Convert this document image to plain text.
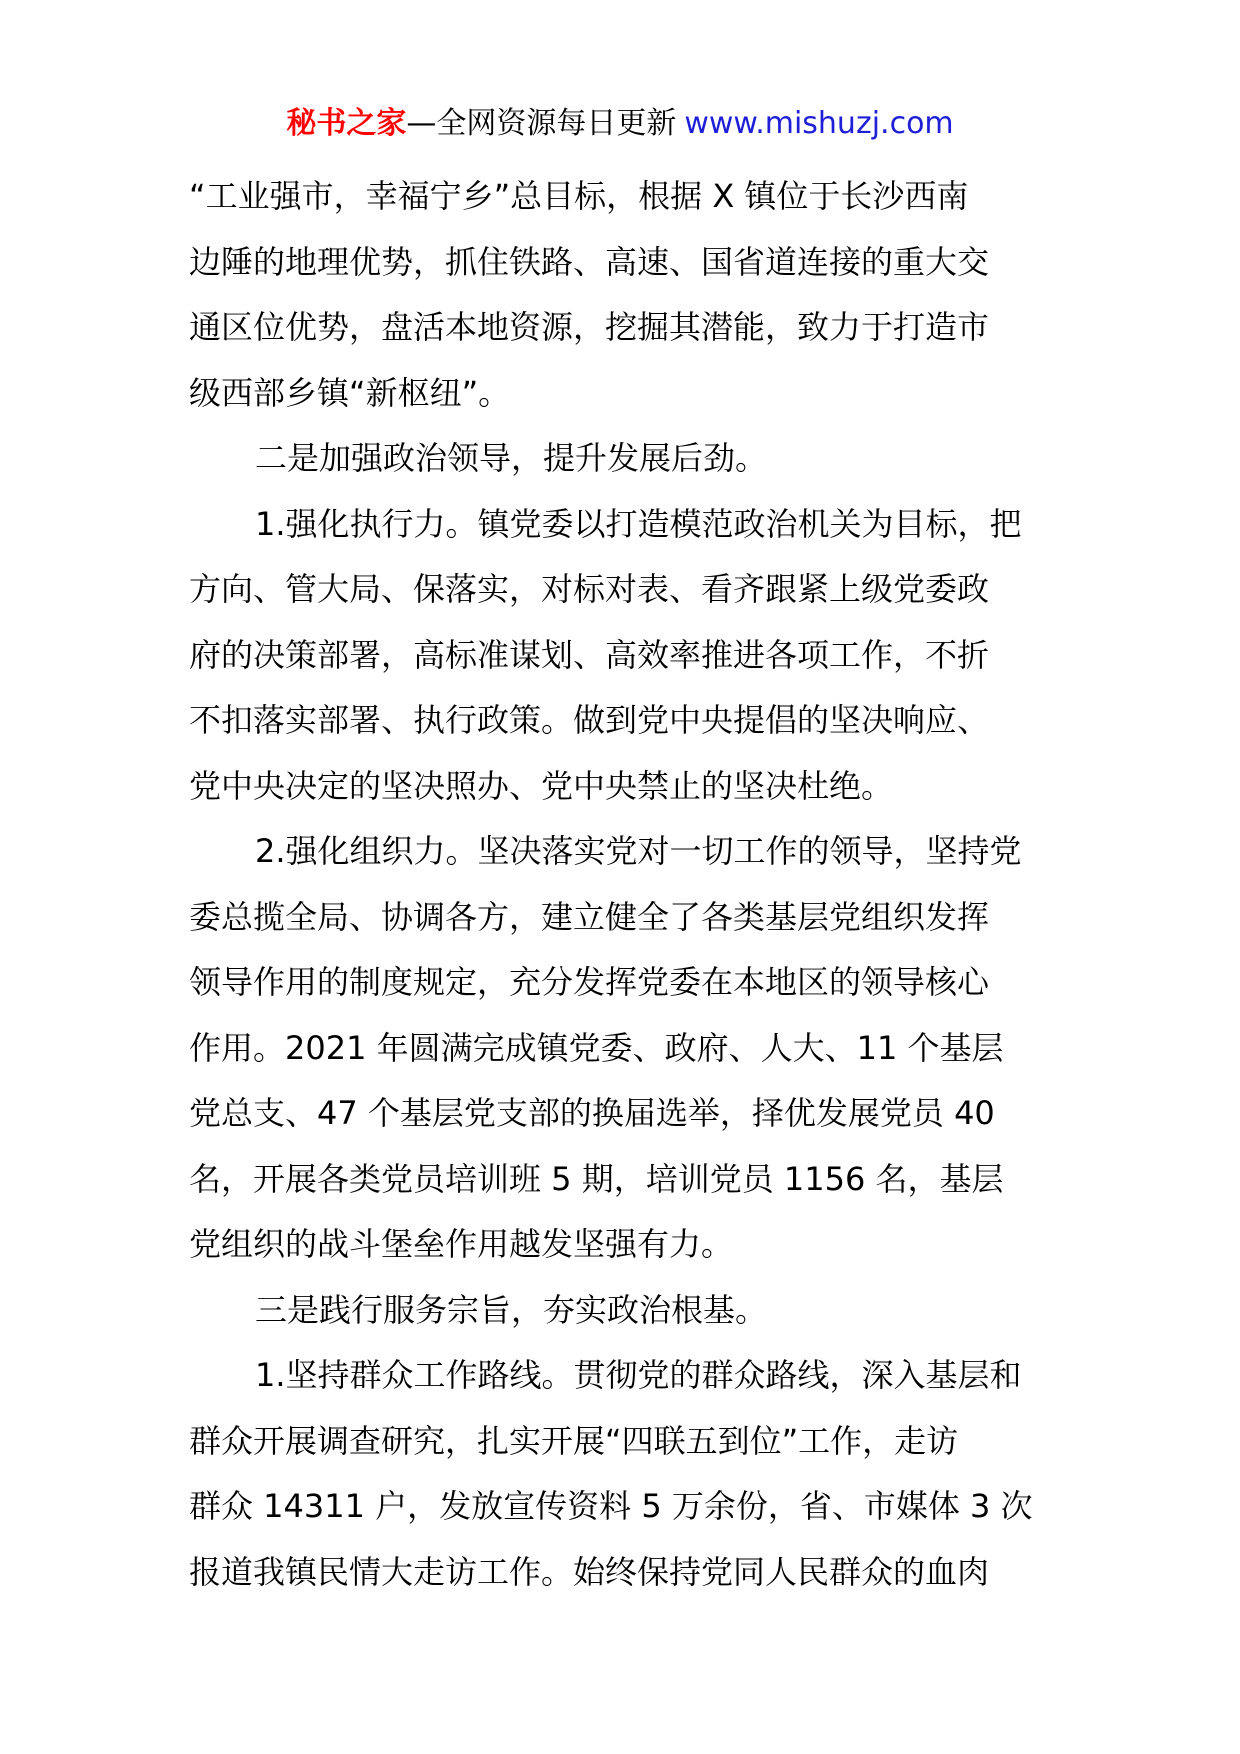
秘书之家—全网资源每日更新 www.mishuzj.com
“工业强市，幸福宁乡”总目标，根据 X 镇位于长沙西南
边陲的地理优势，抓住铁路、高速、国省道连接的重大交
通区位优势，盘活本地资源，挖掘其潜能，致力于打造市
级西部乡镇“新枢纽”。
二是加强政治领导，提升发展后劲。
1.强化执行力。镇党委以打造模范政治机关为目标，把
方向、管大局、保落实，对标对表、看齐跟紧上级党委政
府的决策部署，高标准谋划、高效率推进各项工作，不折
不扣落实部署、执行政策。做到党中央提倡的坚决响应、
党中央决定的坚决照办、党中央禁止的坚决杜绝。
2.强化组织力。坚决落实党对一切工作的领导，坚持党
委总揽全局、协调各方，建立健全了各类基层党组织发挥
领导作用的制度规定，充分发挥党委在本地区的领导核心
作用。2021 年圆满完成镇党委、政府、人大、11 个基层
党总支、47 个基层党支部的换届选举，择优发展党员 40
名，开展各类党员培训班 5 期，培训党员 1156 名，基层
党组织的战斗堡垒作用越发坚强有力。
三是践行服务宗旨，夯实政治根基。
1.坚持群众工作路线。贯彻党的群众路线，深入基层和
群众开展调查研究，扎实开展“四联五到位”工作，走访
群众 14311 户，发放宣传资料 5 万余份，省、市媒体 3 次
报道我镇民情大走访工作。始终保持党同人民群众的血肉
